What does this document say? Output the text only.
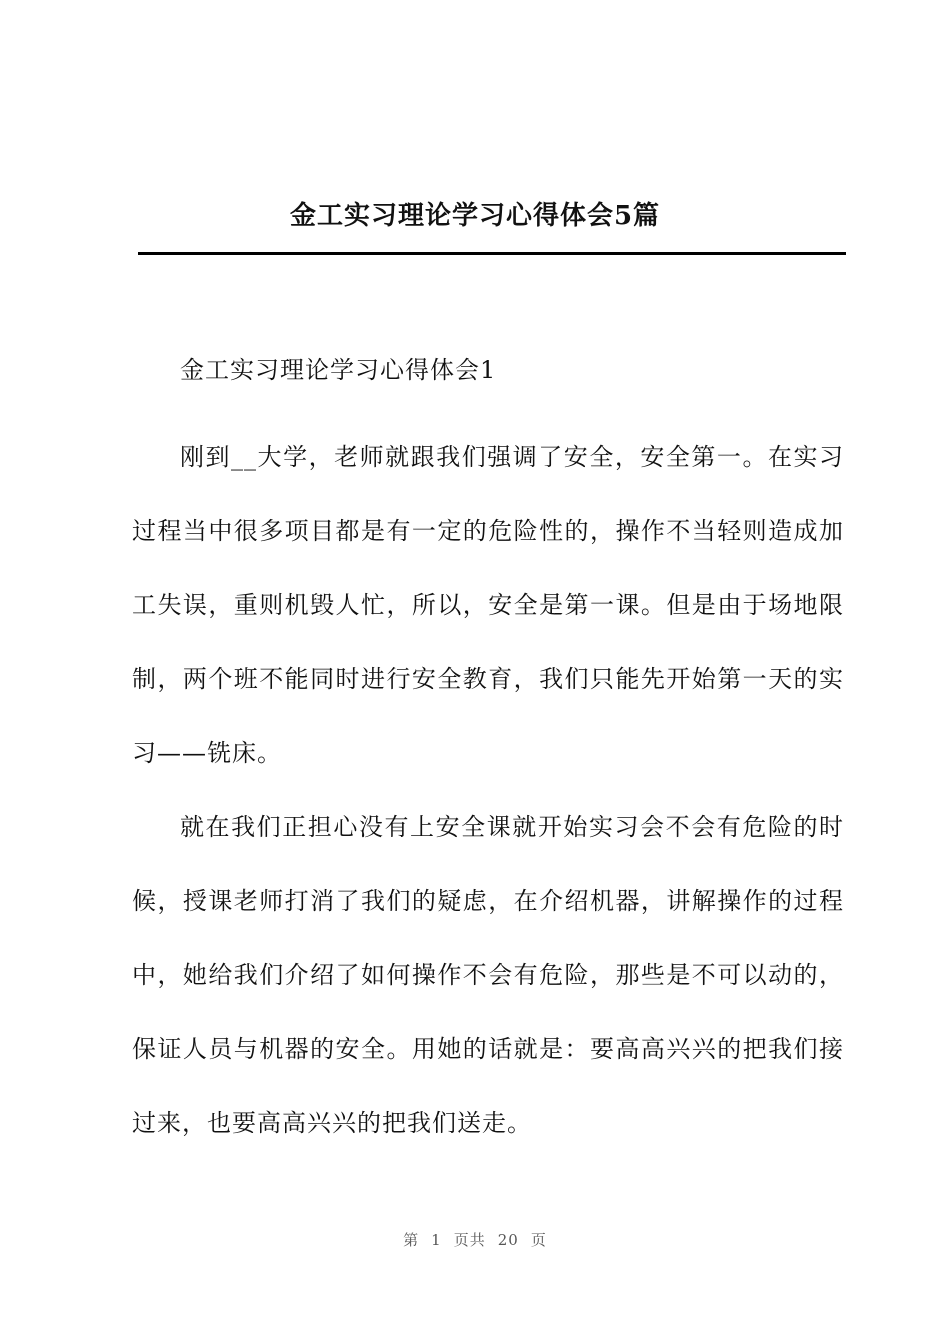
金工实习理论学习心得体会5篇

金工实习理论学习心得体会1

刚到__大学，老师就跟我们强调了安全，安全第一。在实习过程当中很多项目都是有一定的危险性的，操作不当轻则造成加工失误，重则机毁人忙，所以，安全是第一课。但是由于场地限制，两个班不能同时进行安全教育，我们只能先开始第一天的实习——铣床。

就在我们正担心没有上安全课就开始实习会不会有危险的时候，授课老师打消了我们的疑虑，在介绍机器，讲解操作的过程中，她给我们介绍了如何操作不会有危险，那些是不可以动的，保证人员与机器的安全。用她的话就是：要高高兴兴的把我们接过来，也要高高兴兴的把我们送走。

第 1 页共 20 页
